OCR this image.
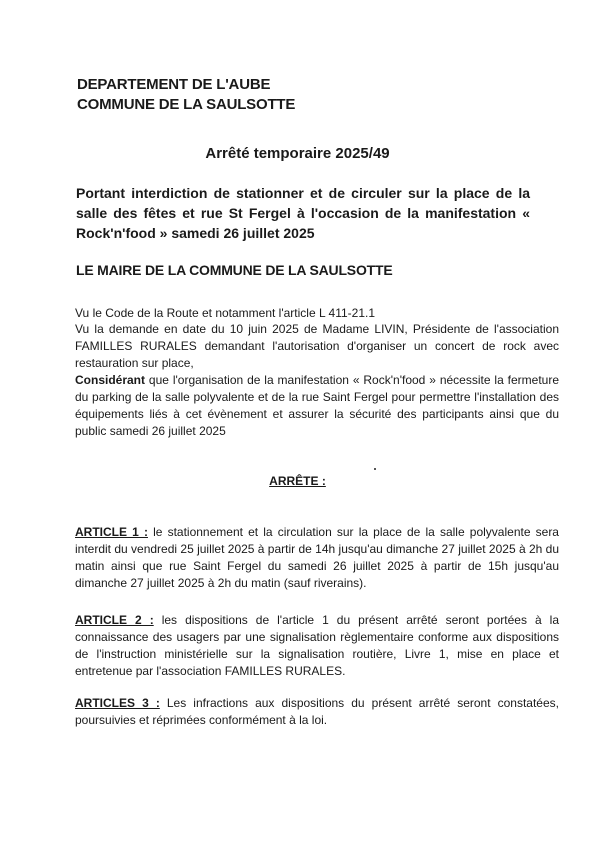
DEPARTEMENT DE L'AUBE
COMMUNE DE LA SAULSOTTE
Arrêté temporaire 2025/49
Portant interdiction de stationner et de circuler sur la place de la salle des fêtes et rue St Fergel à l'occasion de la manifestation « Rock'n'food » samedi 26 juillet 2025
LE MAIRE DE LA COMMUNE DE LA SAULSOTTE

Vu le Code de la Route et notamment l'article L 411-21.1

Vu la demande en date du 10 juin 2025 de Madame LIVIN, Présidente de l'association FAMILLES RURALES demandant l'autorisation d'organiser un concert de rock avec restauration sur place,

Considérant que l'organisation de la manifestation « Rock'n'food » nécessite la fermeture du parking de la salle polyvalente et de la rue Saint Fergel pour permettre l'installation des équipements liés à cet évènement et assurer la sécurité des participants ainsi que du public samedi 26 juillet 2025

ARRÊTE :

ARTICLE 1 : le stationnement et la circulation sur la place de la salle polyvalente sera interdit du vendredi 25 juillet 2025 à partir de 14h jusqu'au dimanche 27 juillet 2025 à 2h du matin ainsi que rue Saint Fergel du samedi 26 juillet 2025 à partir de 15h jusqu'au dimanche 27 juillet 2025 à 2h du matin (sauf riverains).

ARTICLE 2 : les dispositions de l'article 1 du présent arrêté seront portées à la connaissance des usagers par une signalisation règlementaire conforme aux dispositions de l'instruction ministérielle sur la signalisation routière, Livre 1, mise en place et entretenue par l'association FAMILLES RURALES.

ARTICLES 3 : Les infractions aux dispositions du présent arrêté seront constatées, poursuivies et réprimées conformément à la loi.
